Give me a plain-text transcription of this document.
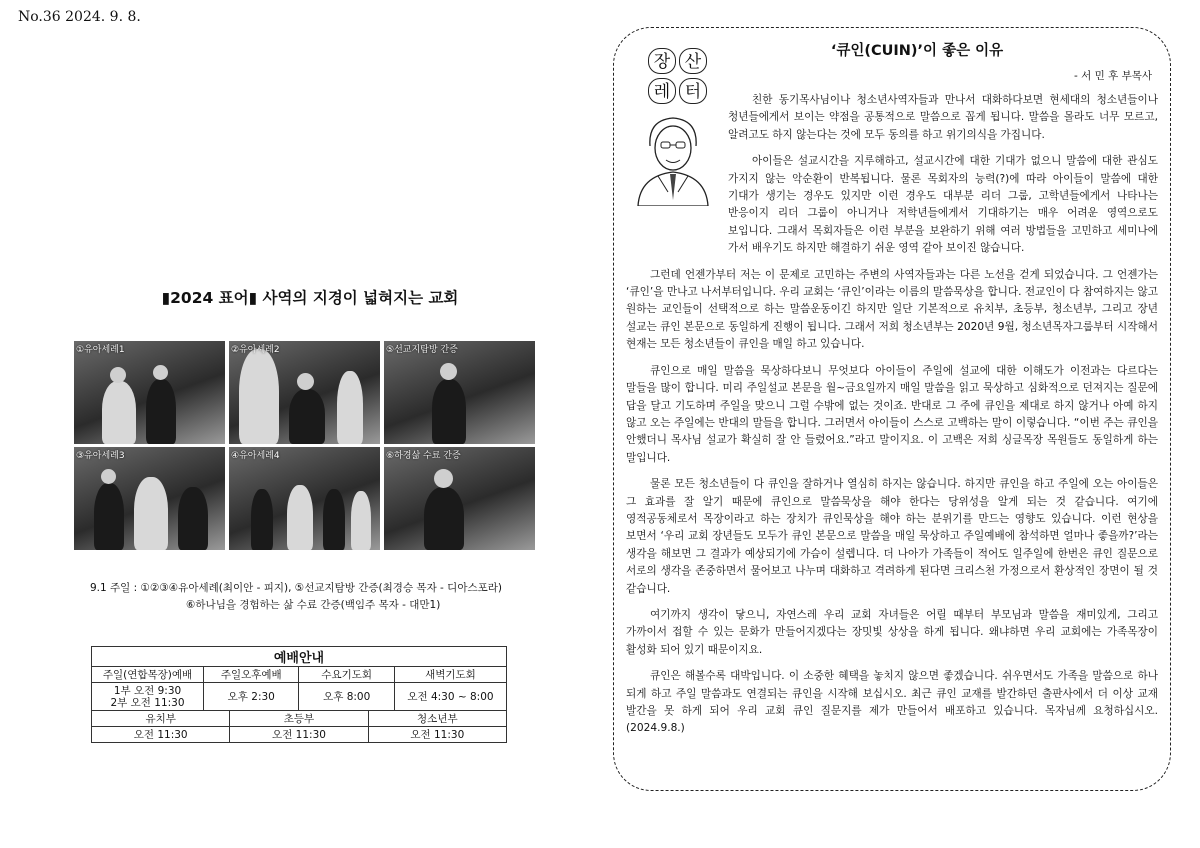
No.36 2024. 9. 8.
▮2024 표어▮ 사역의 지경이 넓혀지는 교회
①유아세례1	②유아세례2	⑤선교지탐방 간증
③유아세례3	④유아세례4	⑥하경삶 수료 간증
9.1 주일 : ①②③④유아세례(최이안 - 피지), ⑤선교지탐방 간증(최경승 목자 - 디아스포라)
⑥하나님을 경험하는 삶 수료 간증(백임주 목자 - 대만1)
예배안내			
주일(연합목장)예배	주일오후예배	수요기도회	새벽기도회

1부 오전 9:30
2부 오전 11:30	오후 2:30	오후 8:00	오전 4:30 ~ 8:00
유치부	초등부	청소년부
오전 11:30	오전 11:30	오전 11:30
장 산
레 터
‘큐인(CUIN)’이 좋은 이유
- 서 민 후 부목사

친한 동기목사님이나 청소년사역자들과 만나서 대화하다보면 현세대의 청소년들이나 청년들에게서 보이는 약점을 공통적으로 말씀으로 꼽게 됩니다. 말씀을 몰라도 너무 모르고, 알려고도 하지 않는다는 것에 모두 동의를 하고 위기의식을 가집니다.

아이들은 설교시간을 지루해하고, 설교시간에 대한 기대가 없으니 말씀에 대한 관심도 가지지 않는 악순환이 반복됩니다. 물론 목회자의 능력(?)에 따라 아이들이 말씀에 대한 기대가 생기는 경우도 있지만 이런 경우도 대부분 리더 그룹, 고학년들에게서 나타나는 반응이지 리더 그룹이 아니거나 저학년들에게서 기대하기는 매우 어려운 영역으로도 보입니다. 그래서 목회자들은 이런 부분을 보완하기 위해 여러 방법들을 고민하고 세미나에 가서 배우기도 하지만 해결하기 쉬운 영역 같아 보이진 않습니다.

그런데 언젠가부터 저는 이 문제로 고민하는 주변의 사역자들과는 다른 노선을 걷게 되었습니다. 그 언젠가는 ‘큐인’을 만나고 나서부터입니다. 우리 교회는 ‘큐인’이라는 이름의 말씀묵상을 합니다. 전교인이 다 참여하지는 않고 원하는 교인들이 선택적으로 하는 말씀운동이긴 하지만 일단 기본적으로 유치부, 초등부, 청소년부, 그리고 장년 설교는 큐인 본문으로 동일하게 진행이 됩니다. 그래서 저희 청소년부는 2020년 9월, 청소년목자그룹부터 시작해서 현재는 모든 청소년들이 큐인을 매일 하고 있습니다.

큐인으로 매일 말씀을 묵상하다보니 무엇보다 아이들이 주일에 설교에 대한 이해도가 이전과는 다르다는 말들을 많이 합니다. 미리 주일설교 본문을 월~금요일까지 매일 말씀을 읽고 묵상하고 심화적으로 던져지는 질문에 답을 달고 기도하며 주일을 맞으니 그럴 수밖에 없는 것이죠. 반대로 그 주에 큐인을 제대로 하지 않거나 아예 하지 않고 오는 주일에는 반대의 말들을 합니다. 그러면서 아이들이 스스로 고백하는 말이 이렇습니다. “이번 주는 큐인을 안했더니 목사님 설교가 확실히 잘 안 들렸어요.”라고 말이지요. 이 고백은 저희 싱글목장 목원들도 동일하게 하는 말입니다.

물론 모든 청소년들이 다 큐인을 잘하거나 열심히 하지는 않습니다. 하지만 큐인을 하고 주일에 오는 아이들은 그 효과를 잘 알기 때문에 큐인으로 말씀묵상을 해야 한다는 당위성을 알게 되는 것 같습니다. 여기에 영적공동체로서 목장이라고 하는 장치가 큐인묵상을 해야 하는 분위기를 만드는 영향도 있습니다. 이런 현상을 보면서 ‘우리 교회 장년들도 모두가 큐인 본문으로 말씀을 매일 묵상하고 주일예배에 참석하면 얼마나 좋을까?’라는 생각을 해보면 그 결과가 예상되기에 가슴이 설렙니다. 더 나아가 가족들이 적어도 일주일에 한번은 큐인 질문으로 서로의 생각을 존중하면서 물어보고 나누며 대화하고 격려하게 된다면 크리스천 가정으로서 환상적인 장면이 될 것 같습니다.

여기까지 생각이 닿으니, 자연스레 우리 교회 자녀들은 어릴 때부터 부모님과 말씀을 재미있게, 그리고 가까이서 접할 수 있는 문화가 만들어지겠다는 장밋빛 상상을 하게 됩니다. 왜냐하면 우리 교회에는 가족목장이 활성화 되어 있기 때문이지요.

큐인은 해볼수록 대박입니다. 이 소중한 혜택을 놓치지 않으면 좋겠습니다. 쉬우면서도 가족을 말씀으로 하나 되게 하고 주일 말씀과도 연결되는 큐인을 시작해 보십시오. 최근 큐인 교재를 발간하던 출판사에서 더 이상 교재 발간을 못 하게 되어 우리 교회 큐인 질문지를 제가 만들어서 배포하고 있습니다. 목자님께 요청하십시오.(2024.9.8.)
